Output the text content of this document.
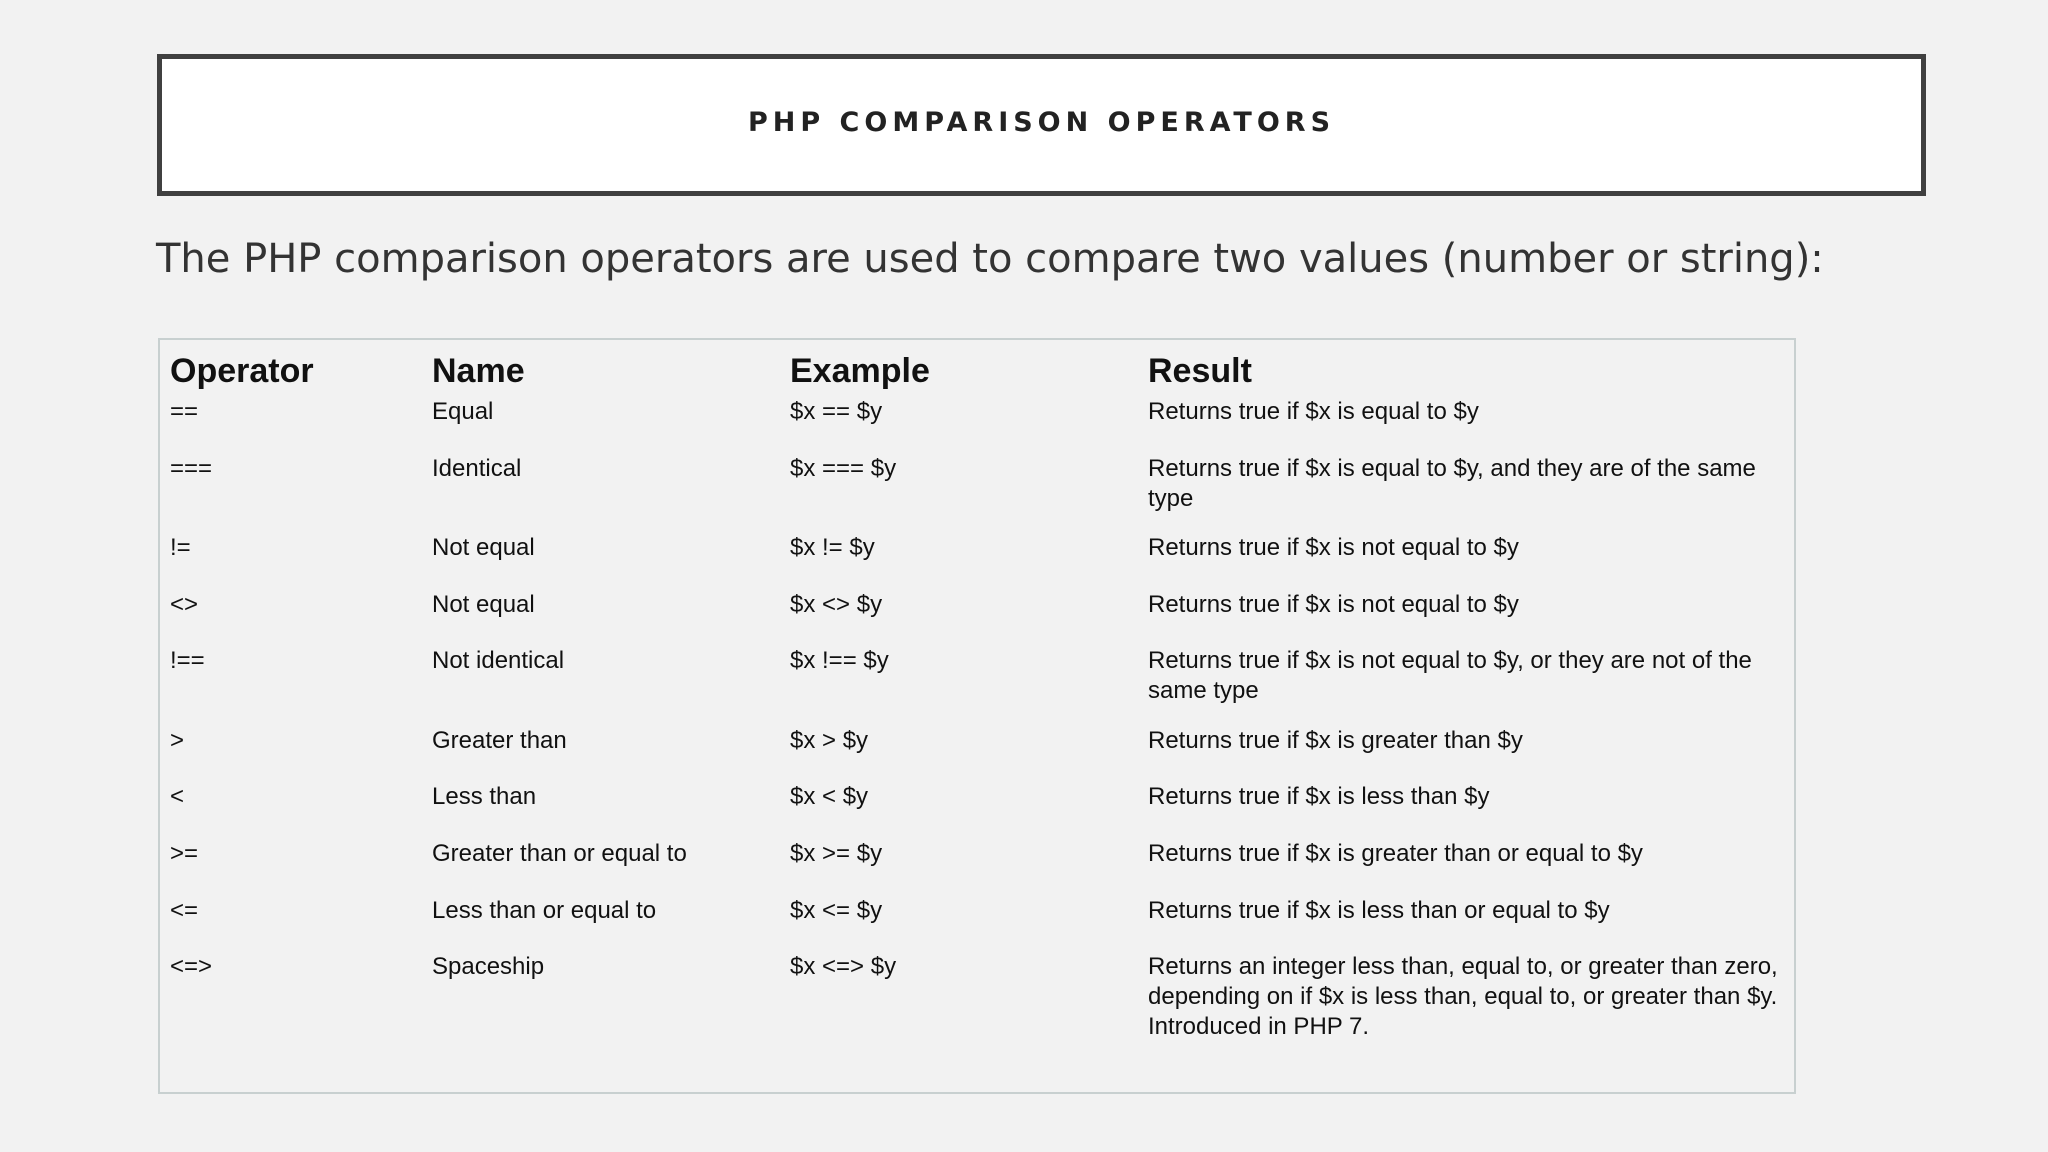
PHP COMPARISON OPERATORS
The PHP comparison operators are used to compare two values (number or string):
Operator	Name	Example	Result
==	Equal	$x == $y	Returns true if $x is equal to $y
===	Identical	$x === $y	Returns true if $x is equal to $y, and they are of the same type
!=	Not equal	$x != $y	Returns true if $x is not equal to $y
<>	Not equal	$x <> $y	Returns true if $x is not equal to $y
!==	Not identical	$x !== $y	Returns true if $x is not equal to $y, or they are not of the same type
>	Greater than	$x > $y	Returns true if $x is greater than $y
<	Less than	$x < $y	Returns true if $x is less than $y
>=	Greater than or equal to	$x >= $y	Returns true if $x is greater than or equal to $y
<=	Less than or equal to	$x <= $y	Returns true if $x is less than or equal to $y
<=>	Spaceship	$x <=> $y	Returns an integer less than, equal to, or greater than zero, depending on if $x is less than, equal to, or greater than $y. Introduced in PHP 7.
